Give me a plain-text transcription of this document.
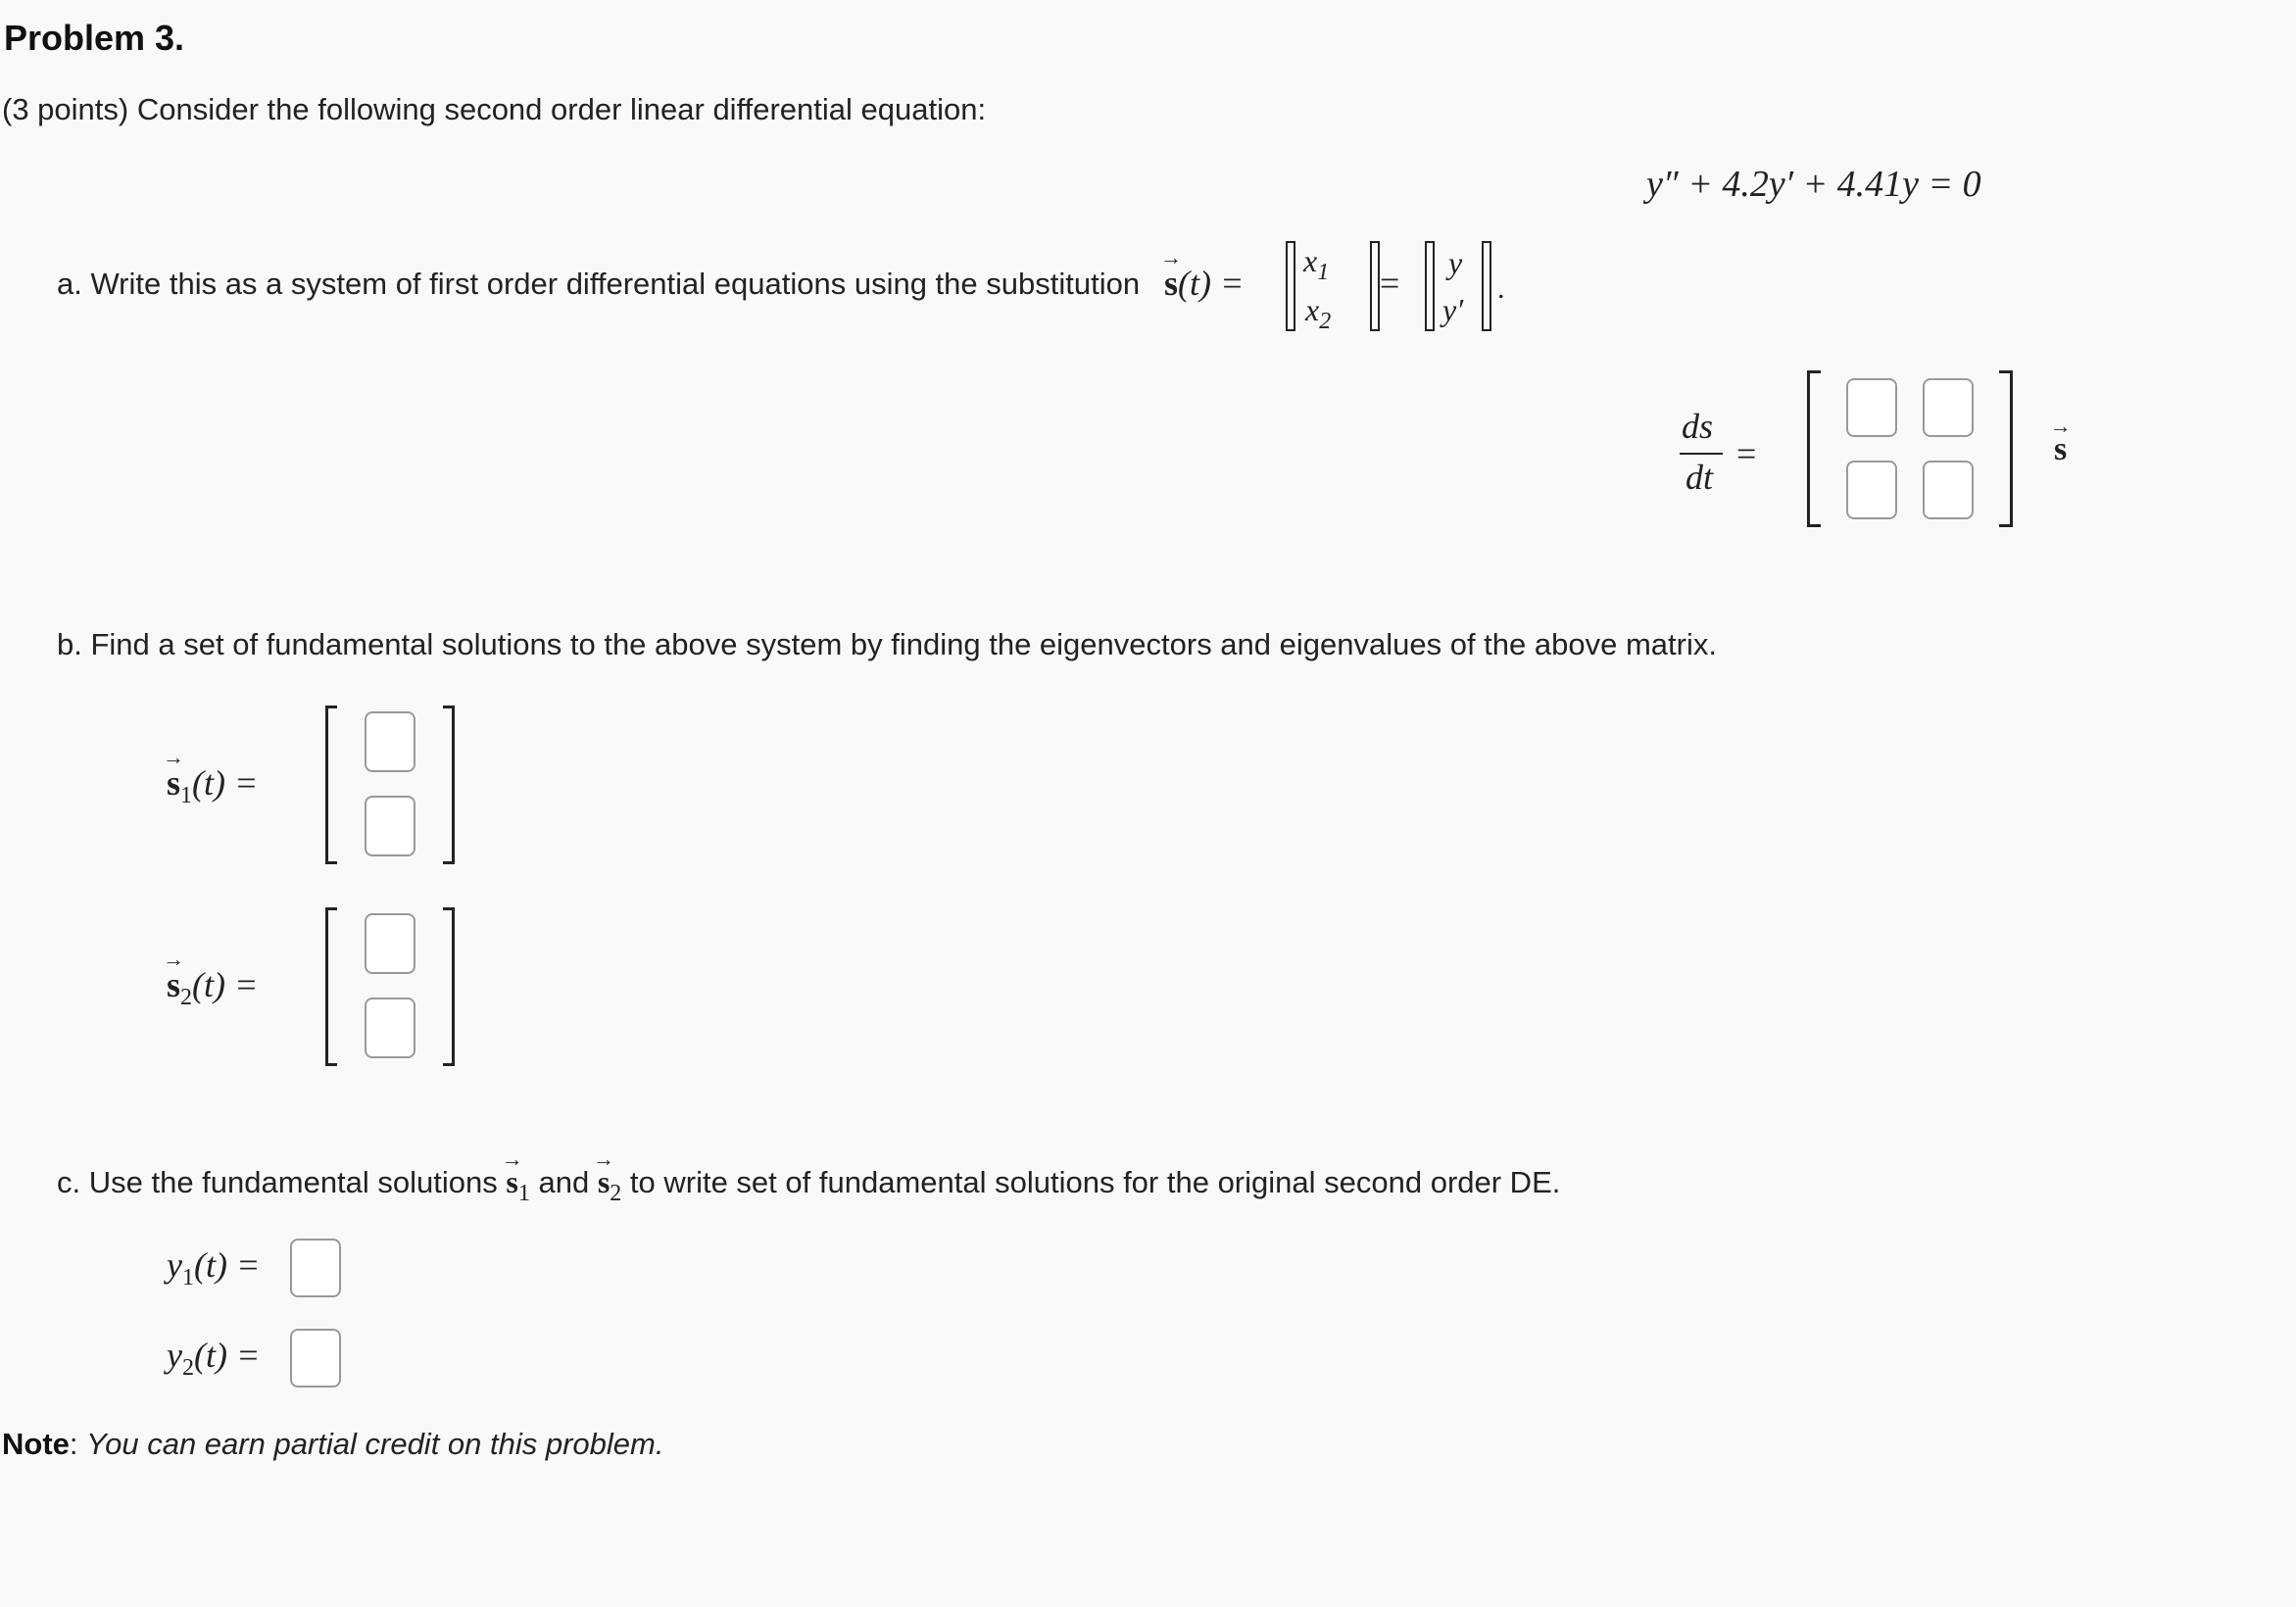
Problem 3.
(3 points) Consider the following second order linear differential equation:
y″ + 4.2y′ + 4.41y = 0
a. Write this as a system of first order differential equations using the substitution → s(t) =
$x_1$
$x_2$
=
y
y′
.
ds
dt
=	→ s
b. Find a set of fundamental solutions to the above system by finding the eigenvectors and eigenvalues of the above matrix.
→ $s_1(t)$ =
→ $s_2(t)$ =
c. Use the fundamental solutions → $s_1$ and → $s_2$ to write set of fundamental solutions for the original second order DE.
$y_1(t)$ =
$y_2(t)$ =
Note: You can earn partial credit on this problem.
